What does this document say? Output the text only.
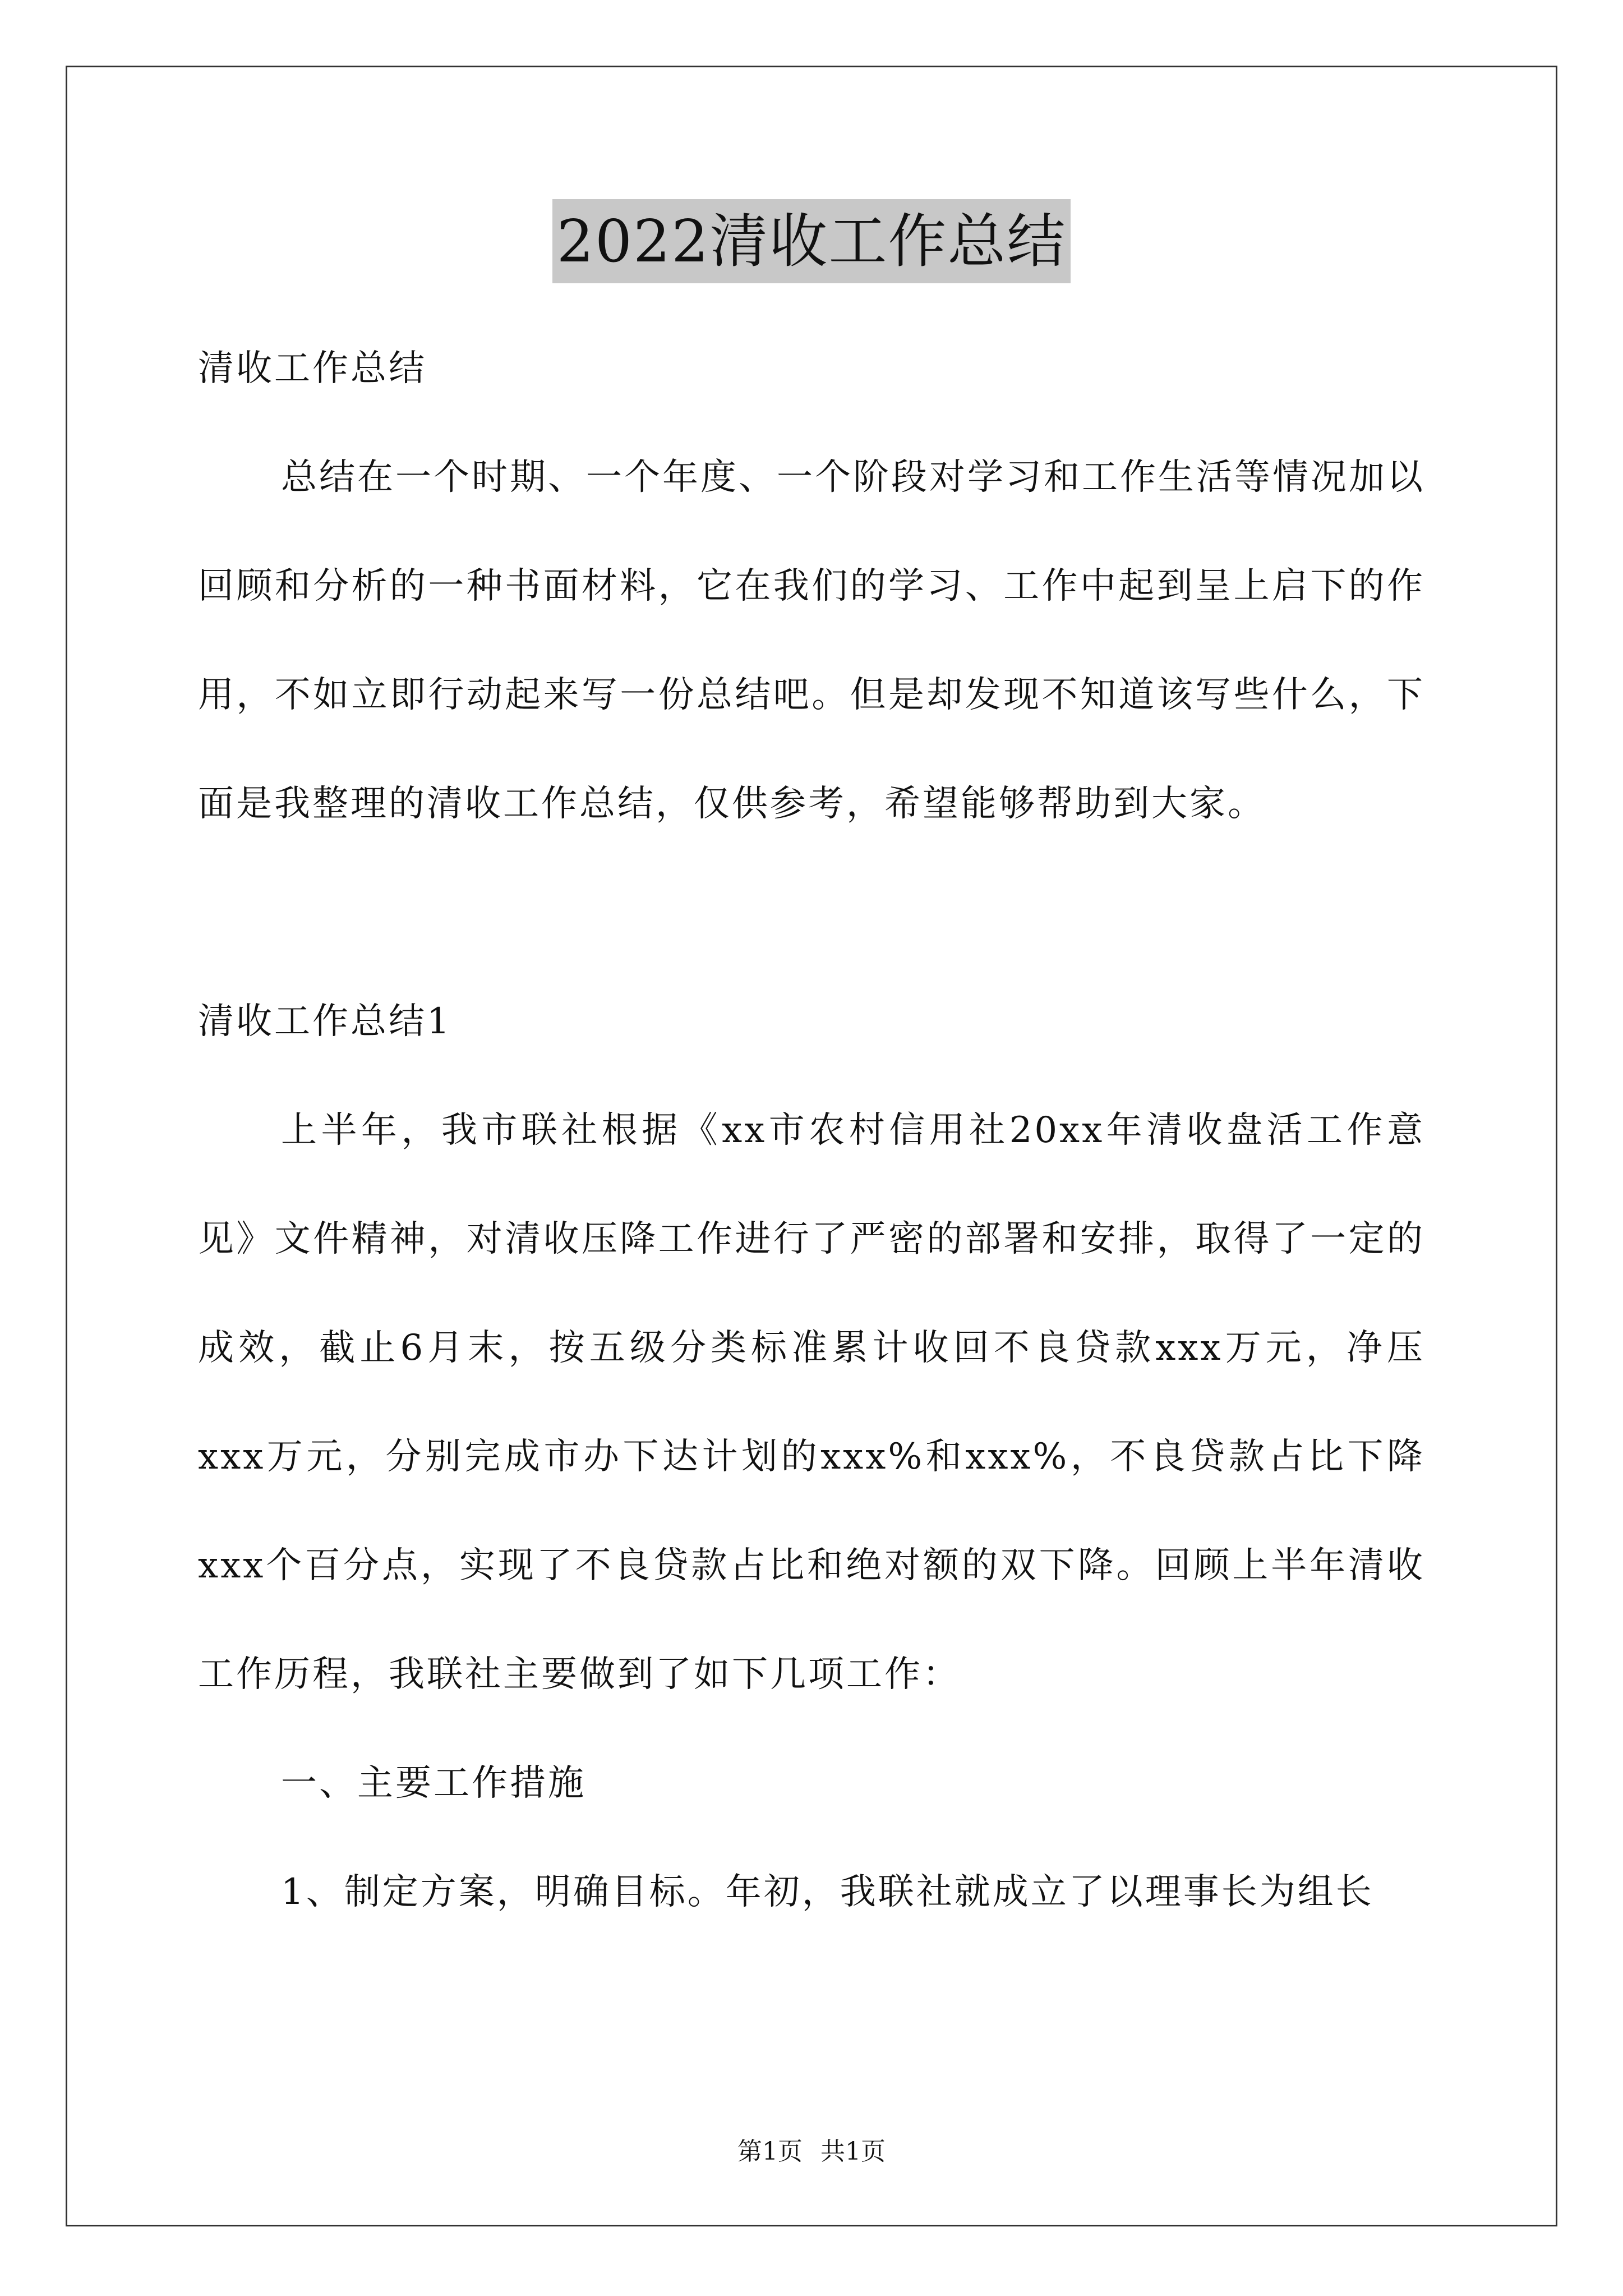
2022清收工作总结

清收工作总结

总结在一个时期、一个年度、一个阶段对学习和工作生活等情况加以回顾和分析的一种书面材料，它在我们的学习、工作中起到呈上启下的作用，不如立即行动起来写一份总结吧。但是却发现不知道该写些什么，下面是我整理的清收工作总结，仅供参考，希望能够帮助到大家。

清收工作总结1

上半年，我市联社根据《xx市农村信用社20xx年清收盘活工作意见》文件精神，对清收压降工作进行了严密的部署和安排，取得了一定的成效，截止6月末，按五级分类标准累计收回不良贷款xxx万元，净压xxx万元，分别完成市办下达计划的xxx%和xxx%，不良贷款占比下降xxx个百分点，实现了不良贷款占比和绝对额的双下降。回顾上半年清收工作历程，我联社主要做到了如下几项工作：

一、主要工作措施

1、制定方案，明确目标。年初，我联社就成立了以理事长为组长

第1页 共1页
